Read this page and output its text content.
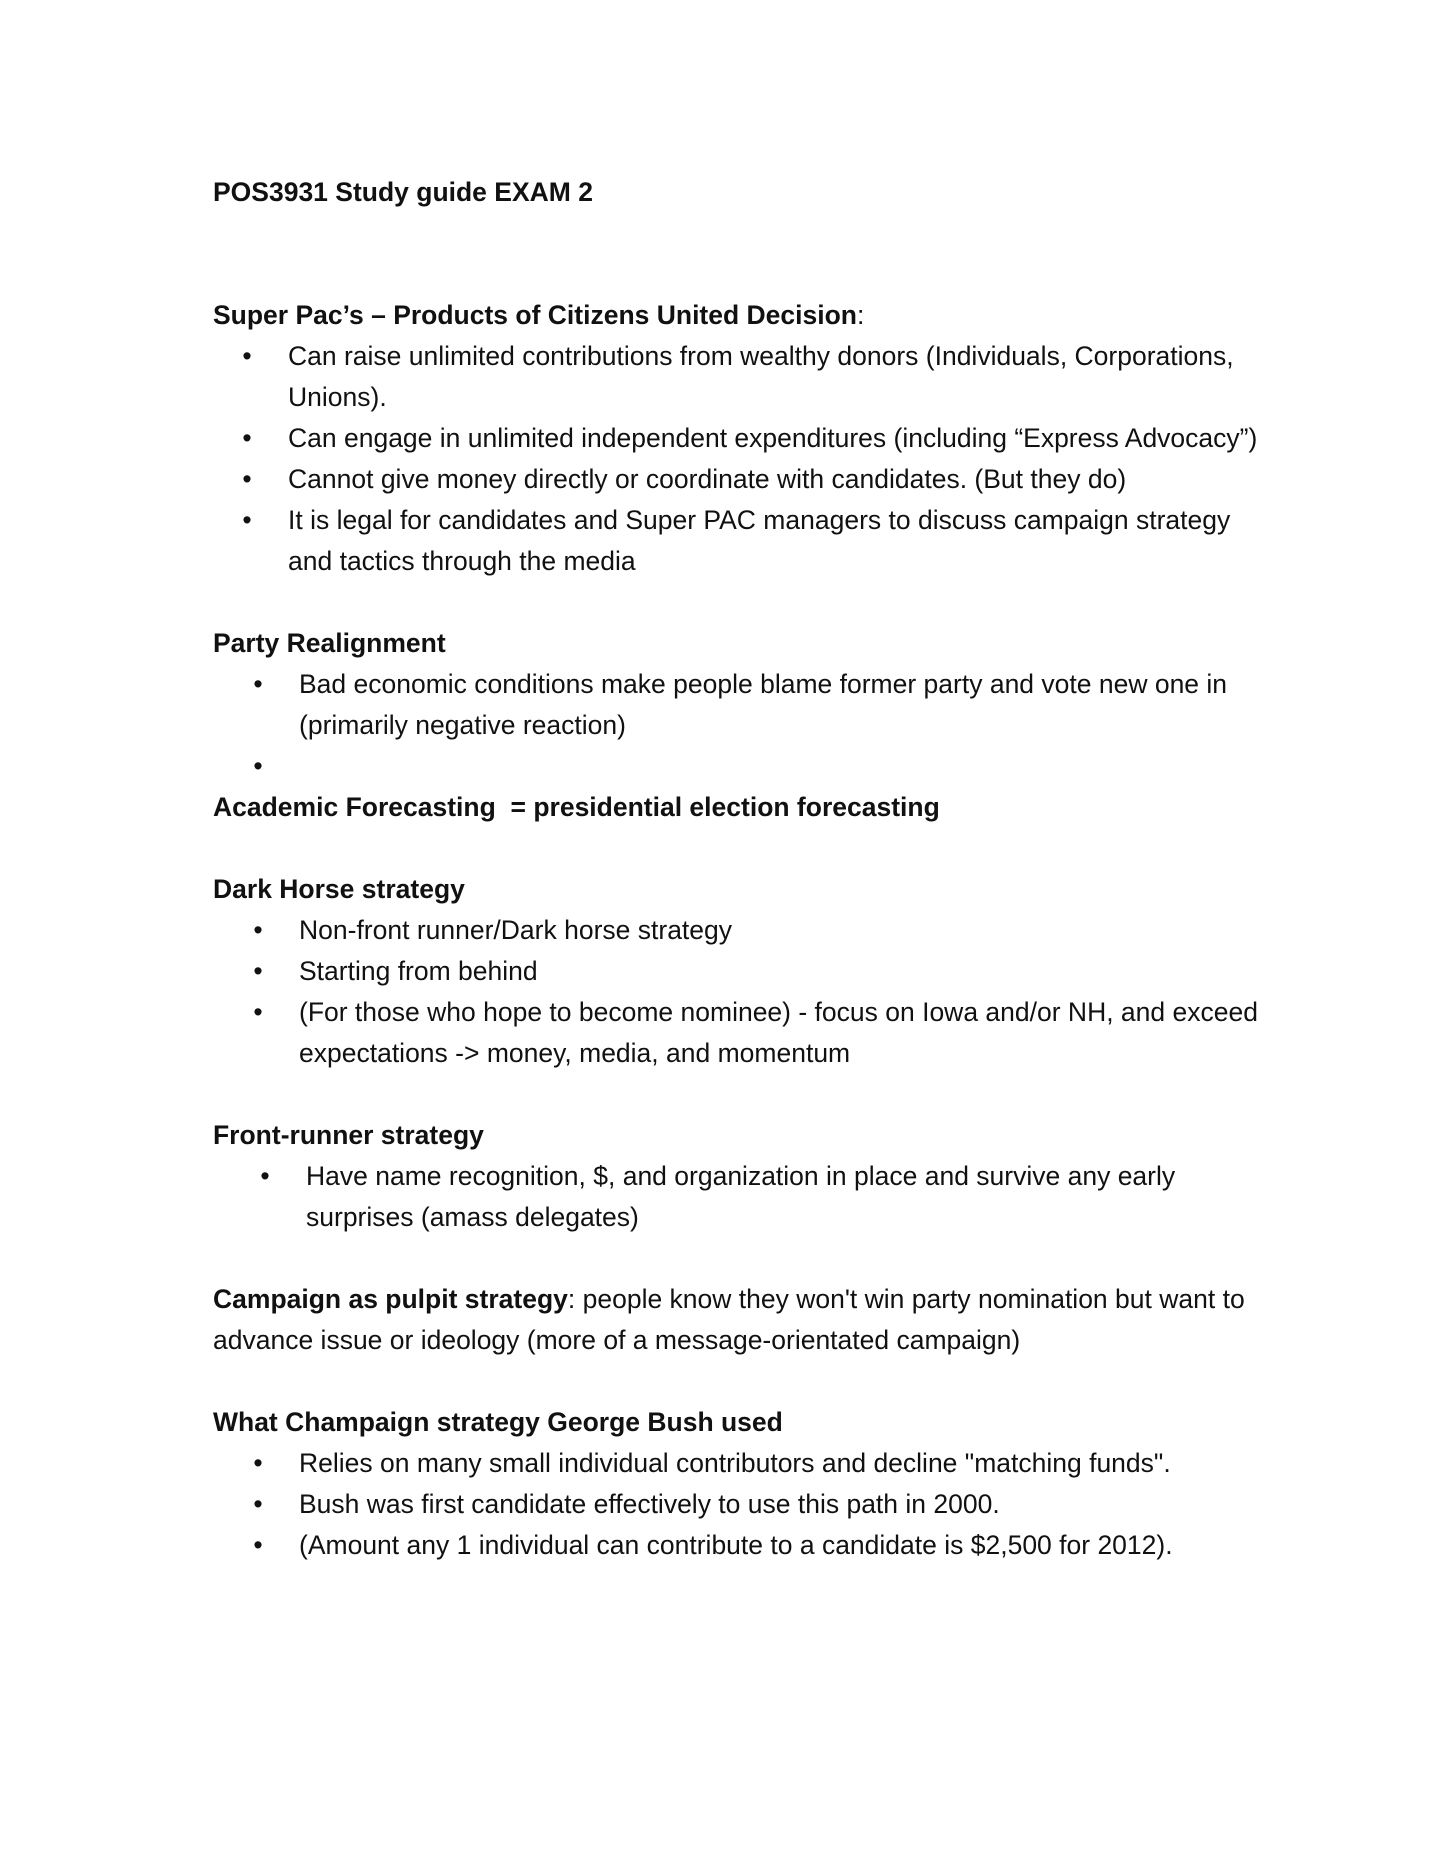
POS3931 Study guide EXAM 2

Super Pac’s – Products of Citizens United Decision:

• Can raise unlimited contributions from wealthy donors (Individuals, Corporations, Unions).
• Can engage in unlimited independent expenditures (including “Express Advocacy”)
• Cannot give money directly or coordinate with candidates. (But they do)
• It is legal for candidates and Super PAC managers to discuss campaign strategy and tactics through the media

Party Realignment

• Bad economic conditions make people blame former party and vote new one in (primarily negative reaction)
•

Academic Forecasting  = presidential election forecasting

Dark Horse strategy

• Non-front runner/Dark horse strategy
• Starting from behind
• (For those who hope to become nominee) - focus on Iowa and/or NH, and exceed expectations -> money, media, and momentum

Front-runner strategy

• Have name recognition, $, and organization in place and survive any early surprises (amass delegates)

Campaign as pulpit strategy: people know they won't win party nomination but want to advance issue or ideology (more of a message-orientated campaign)

What Champaign strategy George Bush used

• Relies on many small individual contributors and decline "matching funds".
• Bush was first candidate effectively to use this path in 2000.
• (Amount any 1 individual can contribute to a candidate is $2,500 for 2012).
